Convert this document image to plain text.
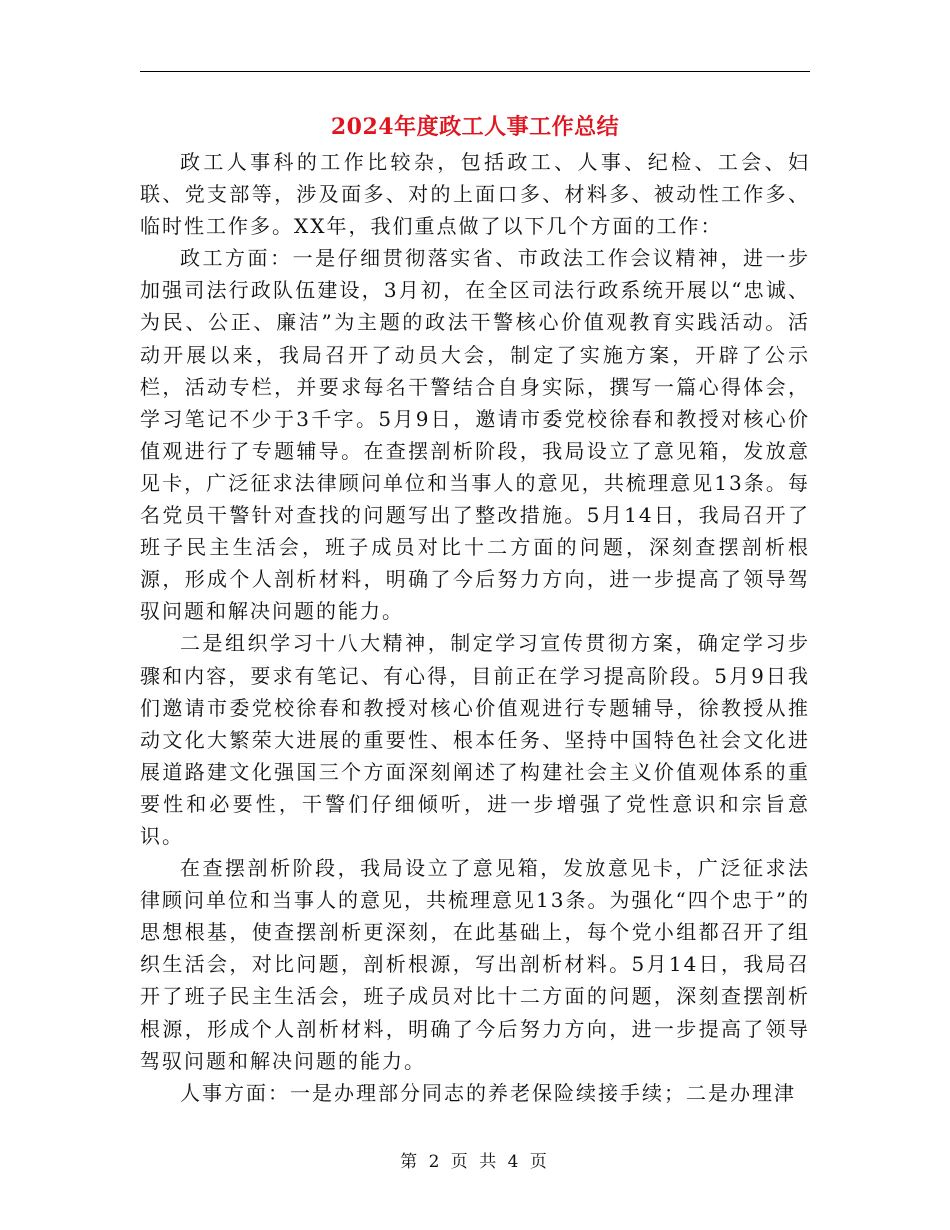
2024年度政工人事工作总结

政工人事科的工作比较杂，包括政工、人事、纪检、工会、妇联、党支部等，涉及面多、对的上面口多、材料多、被动性工作多、临时性工作多。XX年，我们重点做了以下几个方面的工作：

政工方面：一是仔细贯彻落实省、市政法工作会议精神，进一步加强司法行政队伍建设，3月初，在全区司法行政系统开展以“忠诚、为民、公正、廉洁”为主题的政法干警核心价值观教育实践活动。活动开展以来，我局召开了动员大会，制定了实施方案，开辟了公示栏，活动专栏，并要求每名干警结合自身实际，撰写一篇心得体会，学习笔记不少于3千字。5月9日，邀请市委党校徐春和教授对核心价值观进行了专题辅导。在查摆剖析阶段，我局设立了意见箱，发放意见卡，广泛征求法律顾问单位和当事人的意见，共梳理意见13条。每名党员干警针对查找的问题写出了整改措施。5月14日，我局召开了班子民主生活会，班子成员对比十二方面的问题，深刻查摆剖析根源，形成个人剖析材料，明确了今后努力方向，进一步提高了领导驾驭问题和解决问题的能力。

二是组织学习十八大精神，制定学习宣传贯彻方案，确定学习步骤和内容，要求有笔记、有心得，目前正在学习提高阶段。5月9日我们邀请市委党校徐春和教授对核心价值观进行专题辅导，徐教授从推动文化大繁荣大进展的重要性、根本任务、坚持中国特色社会文化进展道路建文化强国三个方面深刻阐述了构建社会主义价值观体系的重要性和必要性，干警们仔细倾听，进一步增强了党性意识和宗旨意识。

在查摆剖析阶段，我局设立了意见箱，发放意见卡，广泛征求法律顾问单位和当事人的意见，共梳理意见13条。为强化“四个忠于”的思想根基，使查摆剖析更深刻，在此基础上，每个党小组都召开了组织生活会，对比问题，剖析根源，写出剖析材料。5月14日，我局召开了班子民主生活会，班子成员对比十二方面的问题，深刻查摆剖析根源，形成个人剖析材料，明确了今后努力方向，进一步提高了领导驾驭问题和解决问题的能力。

人事方面：一是办理部分同志的养老保险续接手续；二是办理津

第 2 页 共 4 页
